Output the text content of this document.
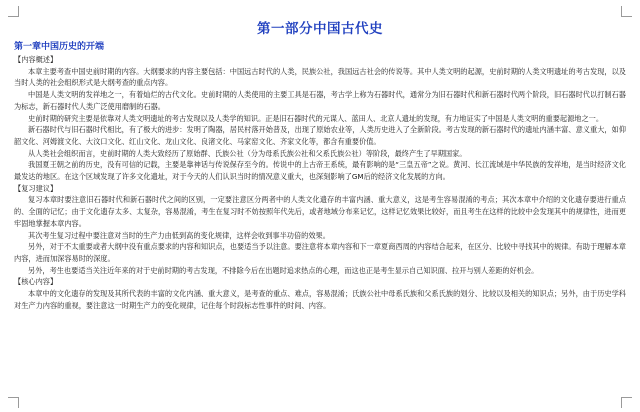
第一部分中国古代史
第一章中国历史的开端
【内容概述】

本章主要考查中国史前时期的内容。大纲要求的内容主要包括：中国远古时代的人类，民族公社，我国远古社会的传说等。其中人类文明的起源，史前时期的人类文明遗址的考古发现，以及当时人类的社会组织形式是大纲考查的重点内容。

中国是人类文明的发祥地之一，有着灿烂的古代文化。史前时期的人类使用的主要工具是石器，考古学上称为石器时代，通常分为旧石器时代和新石器时代两个阶段，旧石器时代以打制石器为标志，新石器时代人类广泛使用磨制的石器。

史前时期的研究主要是依靠对人类文明遗址的考古发现以及人类学的知识。正是旧石器时代的元谋人、蓝田人、北京人遗址的发现，有力地证实了中国是人类文明的重要起源地之一。

新石器时代与旧石器时代相比，有了极大的进步：发明了陶器，居民村落开始普及，出现了原始农业等，人类历史进入了全新阶段。考古发现的新石器时代的遗址内涵丰富、意义重大，如仰韶文化、河姆渡文化、大汶口文化、红山文化、龙山文化、良渚文化、马家窑文化、齐家文化等，都含有重要价值。

从人类社会组织而言，史前时期的人类大致经历了原始群、氏族公社（分为母系氏族公社和父系氏族公社）等阶段，最终产生了早期国家。

我国夏王朝之前的历史，没有可信的记载，主要是靠神话与传说保存至今的。传说中的上古帝王系统，最有影响的是“三皇五帝”之说。黄河、长江流域是中华民族的发祥地，是当时经济文化最发达的地区。在这个区域发现了许多文化遗址，对于今天的人们认识当时的情况意义重大，也深刻影响了GM后的经济文化发展的方向。

【复习建议】

复习本章时要注意旧石器时代和新石器时代之间的区别，一定要注意区分两者中的人类文化遗存的丰富内涵、重大意义，这是考生容易混淆的考点；其次本章中介绍的文化遗存要进行重点的、全面的记忆；由于文化遗存太多、太复杂，容易混淆，考生在复习时不妨按照年代先后，或者地域分布来记忆，这样记忆效果比较好，而且考生在这样的比较中会发现其中的规律性，进而更牢固地掌握本章内容。

其次考生复习过程中要注意对当时的生产力由低到高的变化规律，这样会收到事半功倍的效果。

另外，对于不太重要或者大纲中没有重点要求的内容和知识点，也要适当予以注意。要注意将本章内容和下一章夏商西周的内容结合起来，在区分、比较中寻找其中的规律。有助于理解本章内容，进而加深容易时的深度。

另外，考生也要适当关注近年来的对于史前时期的考古发现，不排除今后在出题时追求热点的心理，而这也正是考生显示自己知识面、拉开与别人差距的好机会。

【核心内容】

本章中的文化遗存的发现及其所代表的丰富的文化内涵、重大意义，是考查的重点、难点，容易混淆；氏族公社中母系氏族和父系氏族的划分、比较以及相关的知识点；另外，由于历史学科对生产力内容的重视，要注意这一时期生产力的变化规律，记住每个时段标志性事件的时间、内容。
